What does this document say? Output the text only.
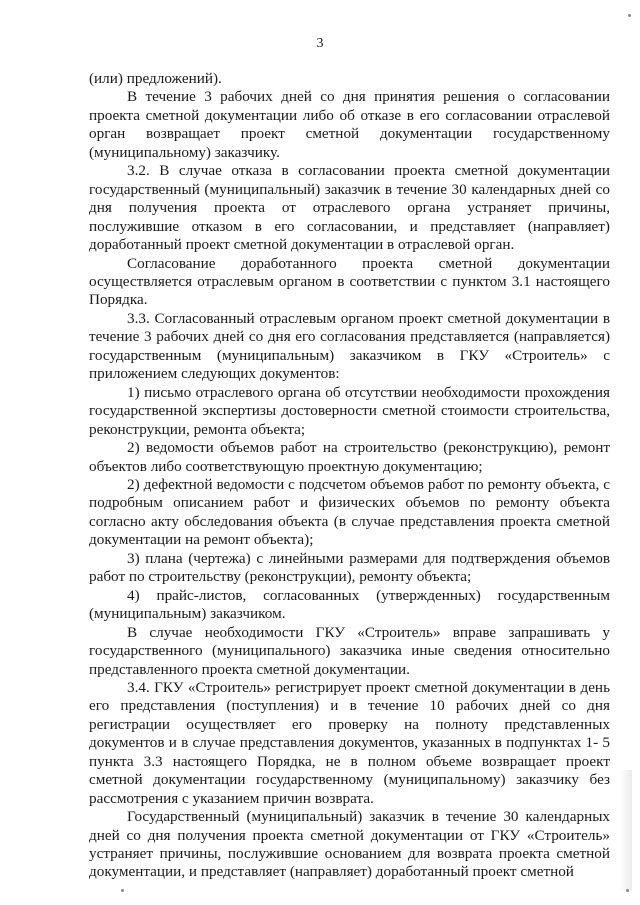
3

(или) предложений).

В течение 3 рабочих дней со дня принятия решения о согласовании проекта сметной документации либо об отказе в его согласовании отраслевой орган возвращает проект сметной документации государственному (муниципальному) заказчику.

3.2. В случае отказа в согласовании проекта сметной документации государственный (муниципальный) заказчик в течение 30 календарных дней со дня получения проекта от отраслевого органа устраняет причины, послужившие отказом в его согласовании, и представляет (направляет) доработанный проект сметной документации в отраслевой орган.

Согласование доработанного проекта сметной документации осуществляется отраслевым органом в соответствии с пунктом 3.1 настоящего Порядка.

3.3. Согласованный отраслевым органом проект сметной документации в течение 3 рабочих дней со дня его согласования представляется (направляется) государственным (муниципальным) заказчиком в ГКУ «Строитель» с приложением следующих документов:

1) письмо отраслевого органа об отсутствии необходимости прохождения государственной экспертизы достоверности сметной стоимости строительства, реконструкции, ремонта объекта;

2) ведомости объемов работ на строительство (реконструкцию), ремонт объектов либо соответствующую проектную документацию;

2) дефектной ведомости с подсчетом объемов работ по ремонту объекта, с подробным описанием работ и физических объемов по ремонту объекта согласно акту обследования объекта (в случае представления проекта сметной документации на ремонт объекта);

3) плана (чертежа) с линейными размерами для подтверждения объемов работ по строительству (реконструкции), ремонту объекта;

4) прайс-листов, согласованных (утвержденных) государственным (муниципальным) заказчиком.

В случае необходимости ГКУ «Строитель» вправе запрашивать у государственного (муниципального) заказчика иные сведения относительно представленного проекта сметной документации.

3.4. ГКУ «Строитель» регистрирует проект сметной документации в день его представления (поступления) и в течение 10 рабочих дней со дня регистрации осуществляет его проверку на полноту представленных документов и в случае представления документов, указанных в подпунктах 1- 5 пункта 3.3 настоящего Порядка, не в полном объеме возвращает проект сметной документации государственному (муниципальному) заказчику без рассмотрения с указанием причин возврата.

Государственный (муниципальный) заказчик в течение 30 календарных дней со дня получения проекта сметной документации от ГКУ «Строитель» устраняет причины, послужившие основанием для возврата проекта сметной документации, и представляет (направляет) доработанный проект сметной
